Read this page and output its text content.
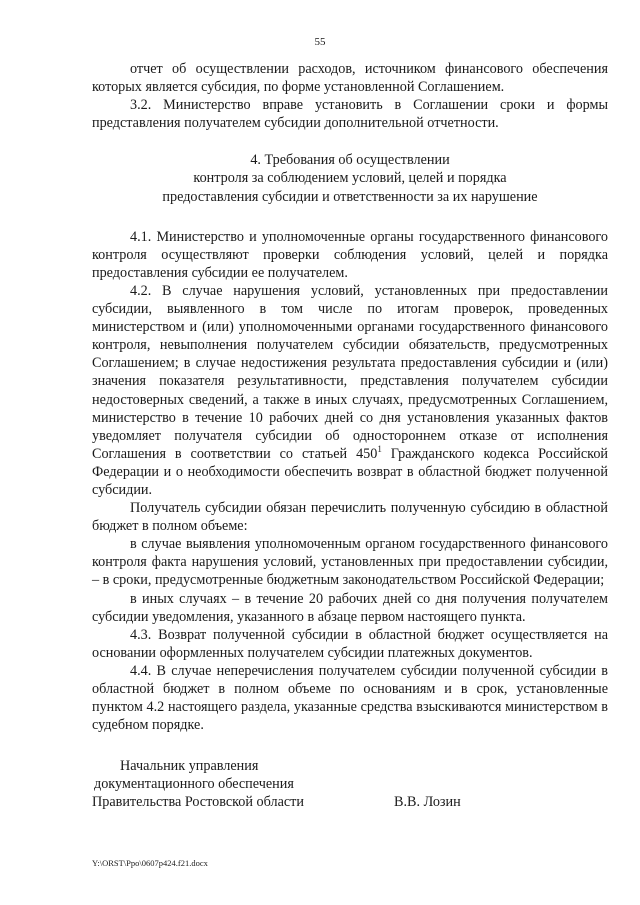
55

отчет об осуществлении расходов, источником финансового обеспечения которых является субсидия, по форме установленной Соглашением.

3.2. Министерство вправе установить в Соглашении сроки и формы представления получателем субсидии дополнительной отчетности.

4. Требования об осуществлении
контроля за соблюдением условий, целей и порядка
предоставления субсидии и ответственности за их нарушение

4.1. Министерство и уполномоченные органы государственного финансового контроля осуществляют проверки соблюдения условий, целей и порядка предоставления субсидии ее получателем.

4.2. В случае нарушения условий, установленных при предоставлении субсидии, выявленного в том числе по итогам проверок, проведенных министерством и (или) уполномоченными органами государственного финансового контроля, невыполнения получателем субсидии обязательств, предусмотренных Соглашением; в случае недостижения результата предоставления субсидии и (или) значения показателя результативности, представления получателем субсидии недостоверных сведений, а также в иных случаях, предусмотренных Соглашением, министерство в течение 10 рабочих дней со дня установления указанных фактов уведомляет получателя субсидии об одностороннем отказе от исполнения Соглашения в соответствии со статьей $450^1$ Гражданского кодекса Российской Федерации и о необходимости обеспечить возврат в областной бюджет полученной субсидии.

Получатель субсидии обязан перечислить полученную субсидию в областной бюджет в полном объеме:

в случае выявления уполномоченным органом государственного финансового контроля факта нарушения условий, установленных при предоставлении субсидии, – в сроки, предусмотренные бюджетным законодательством Российской Федерации;

в иных случаях – в течение 20 рабочих дней со дня получения получателем субсидии уведомления, указанного в абзаце первом настоящего пункта.

4.3. Возврат полученной субсидии в областной бюджет осуществляется на основании оформленных получателем субсидии платежных документов.

4.4. В случае неперечисления получателем субсидии полученной субсидии в областной бюджет в полном объеме по основаниям и в срок, установленные пунктом 4.2 настоящего раздела, указанные средства взыскиваются министерством в судебном порядке.

Начальник управления
документационного обеспечения
Правительства Ростовской области	В.В. Лозин
Y:\ORST\Ppo\0607p424.f21.docx
